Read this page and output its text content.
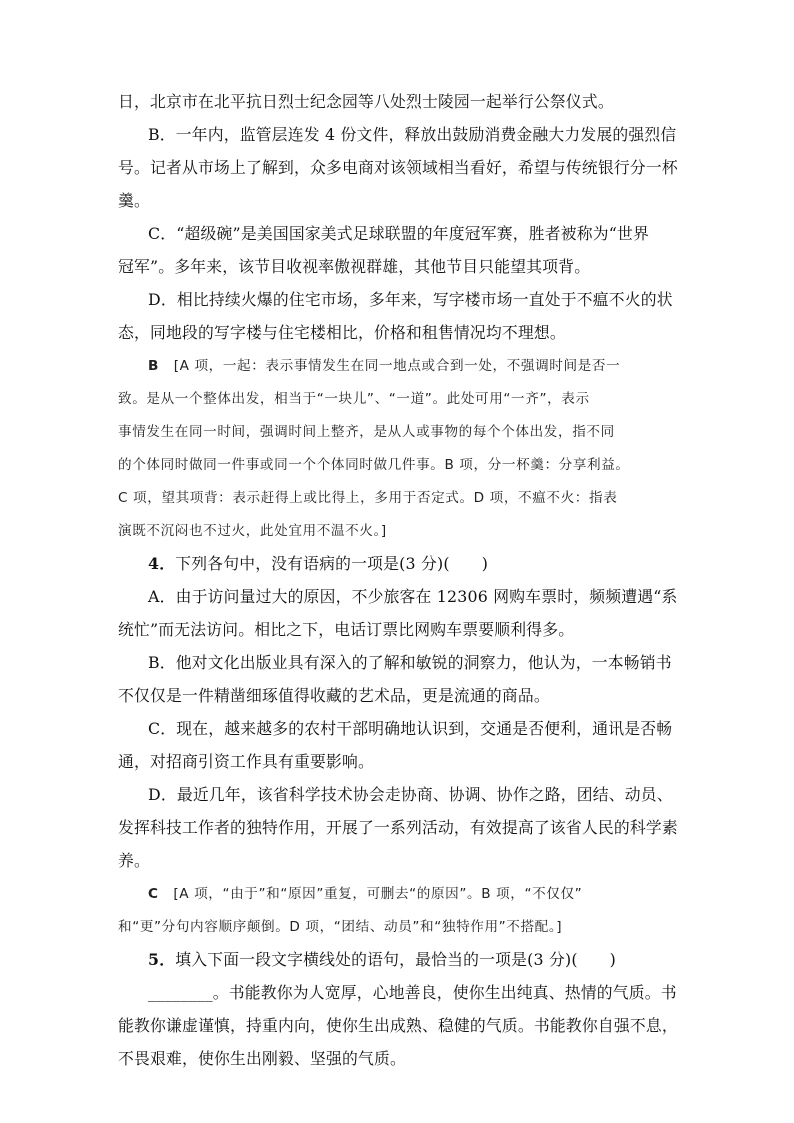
日，北京市在北平抗日烈士纪念园等八处烈士陵园一起举行公祭仪式。
B．一年内，监管层连发 4 份文件，释放出鼓励消费金融大力发展的强烈信
号。记者从市场上了解到，众多电商对该领域相当看好，希望与传统银行分一杯
羹。
C．“超级碗”是美国国家美式足球联盟的年度冠军赛，胜者被称为“世界
冠军”。多年来，该节目收视率傲视群雄，其他节目只能望其项背。
D．相比持续火爆的住宅市场，多年来，写字楼市场一直处于不瘟不火的状
态，同地段的写字楼与住宅楼相比，价格和租售情况均不理想。
B [A 项，一起：表示事情发生在同一地点或合到一处，不强调时间是否一
致。是从一个整体出发，相当于“一块儿”、“一道”。此处可用“一齐”，表示
事情发生在同一时间，强调时间上整齐，是从人或事物的每个个体出发，指不同
的个体同时做同一件事或同一个个体同时做几件事。B 项，分一杯羹：分享利益。
C 项，望其项背：表示赶得上或比得上，多用于否定式。D 项，不瘟不火：指表
演既不沉闷也不过火，此处宜用不温不火。]
4．下列各句中，没有语病的一项是(3 分)(　　)
A．由于访问量过大的原因，不少旅客在 12306 网购车票时，频频遭遇“系
统忙”而无法访问。相比之下，电话订票比网购车票要顺利得多。
B．他对文化出版业具有深入的了解和敏锐的洞察力，他认为，一本畅销书
不仅仅是一件精凿细琢值得收藏的艺术品，更是流通的商品。
C．现在，越来越多的农村干部明确地认识到，交通是否便利，通讯是否畅
通，对招商引资工作具有重要影响。
D．最近几年，该省科学技术协会走协商、协调、协作之路，团结、动员、
发挥科技工作者的独特作用，开展了一系列活动，有效提高了该省人民的科学素
养。
C [A 项，“由于”和“原因”重复，可删去“的原因”。B 项，“不仅仅”
和“更”分句内容顺序颠倒。D 项，“团结、动员”和“独特作用”不搭配。]
5．填入下面一段文字横线处的语句，最恰当的一项是(3 分)(　　)
________。书能教你为人宽厚，心地善良，使你生出纯真、热情的气质。书
能教你谦虚谨慎，持重内向，使你生出成熟、稳健的气质。书能教你自强不息，
不畏艰难，使你生出刚毅、坚强的气质。
